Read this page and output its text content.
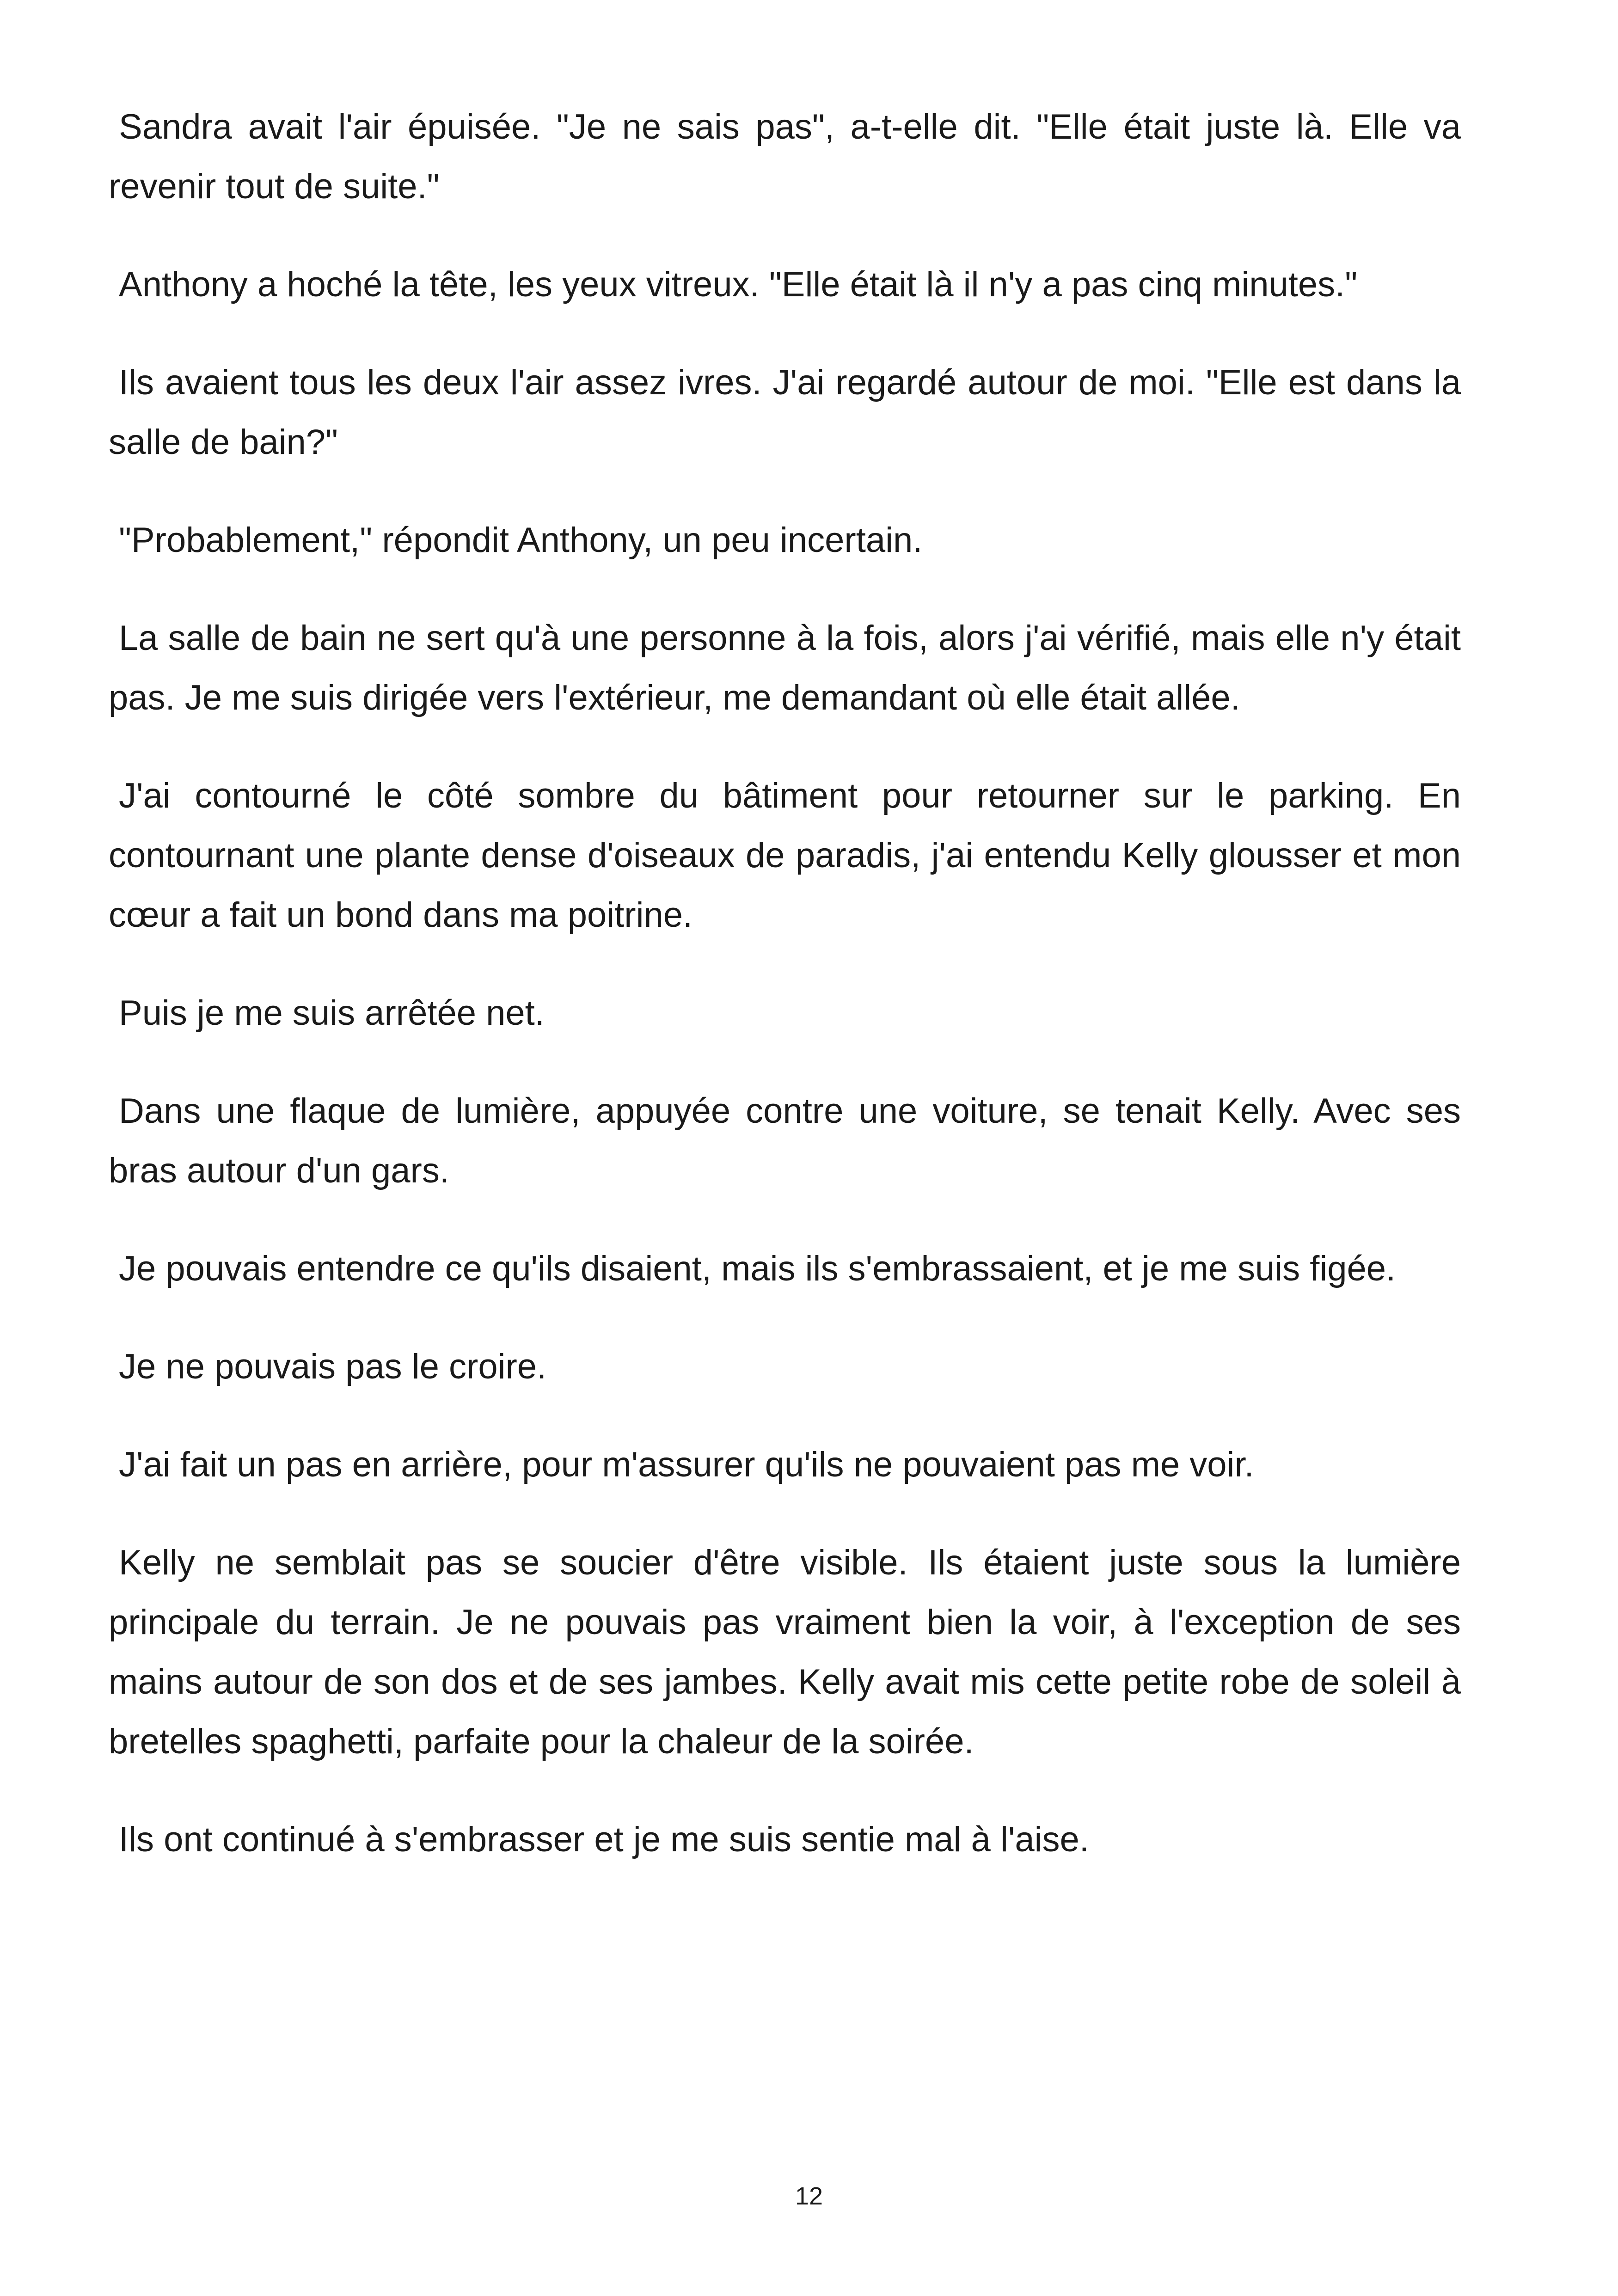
Sandra avait l'air épuisée. "Je ne sais pas", a-t-elle dit. "Elle était juste là. Elle va revenir tout de suite."

Anthony a hoché la tête, les yeux vitreux. "Elle était là il n'y a pas cinq minutes."

Ils avaient tous les deux l'air assez ivres. J'ai regardé autour de moi. "Elle est dans la salle de bain?"

"Probablement," répondit Anthony, un peu incertain.

La salle de bain ne sert qu'à une personne à la fois, alors j'ai vérifié, mais elle n'y était pas. Je me suis dirigée vers l'extérieur, me demandant où elle était allée.

J'ai contourné le côté sombre du bâtiment pour retourner sur le parking. En contournant une plante dense d'oiseaux de paradis, j'ai entendu Kelly glousser et mon cœur a fait un bond dans ma poitrine.

Puis je me suis arrêtée net.

Dans une flaque de lumière, appuyée contre une voiture, se tenait Kelly. Avec ses bras autour d'un gars.

Je pouvais entendre ce qu'ils disaient, mais ils s'embrassaient, et je me suis figée.

Je ne pouvais pas le croire.

J'ai fait un pas en arrière, pour m'assurer qu'ils ne pouvaient pas me voir.

Kelly ne semblait pas se soucier d'être visible. Ils étaient juste sous la lumière principale du terrain. Je ne pouvais pas vraiment bien la voir, à l'exception de ses mains autour de son dos et de ses jambes. Kelly avait mis cette petite robe de soleil à bretelles spaghetti, parfaite pour la chaleur de la soirée.

Ils ont continué à s'embrasser et je me suis sentie mal à l'aise.

12
